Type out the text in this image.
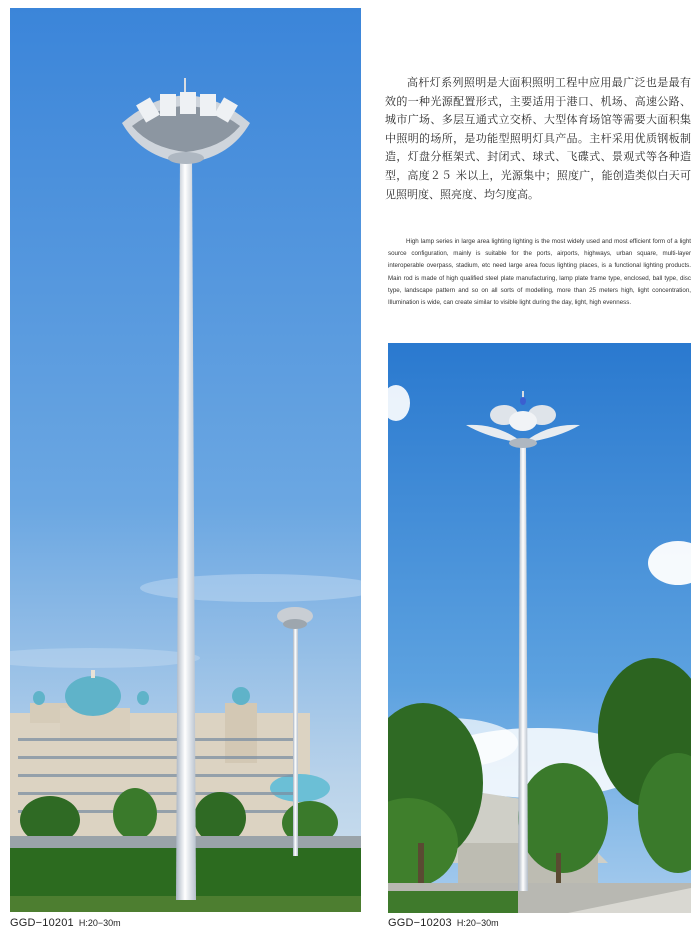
GGD−10201 H:20−30m

高杆灯系列照明是大面积照明工程中应用最广泛也是最有效的一种光源配置形式，主要适用于港口、机场、高速公路、城市广场、多层互通式立交桥、大型体育场馆等需要大面积集中照明的场所，是功能型照明灯具产品。主杆采用优质钢板制造，灯盘分框架式、封闭式、球式、飞碟式、景观式等各种造型，高度２５ 米以上，光源集中；照度广，能创造类似白天可见照明度、照亮度、均匀度高。

High lamp series in large area lighting lighting is the most widely used and most efficient form of a light source configuration, mainly is suitable for the ports, airports, highways, urban square, multi-layer interoperable overpass, stadium, etc need large area focus lighting places, is a functional lighting products. Main rod is made of high qualified steel plate manufacturing, lamp plate frame type, enclosed, ball type, disc type, landscape pattern and so on all sorts of modelling, more than 25 meters high, light concentration, Illumination is wide, can create similar to visible light during the day, light, high evenness.

GGD−10203 H:20−30m
